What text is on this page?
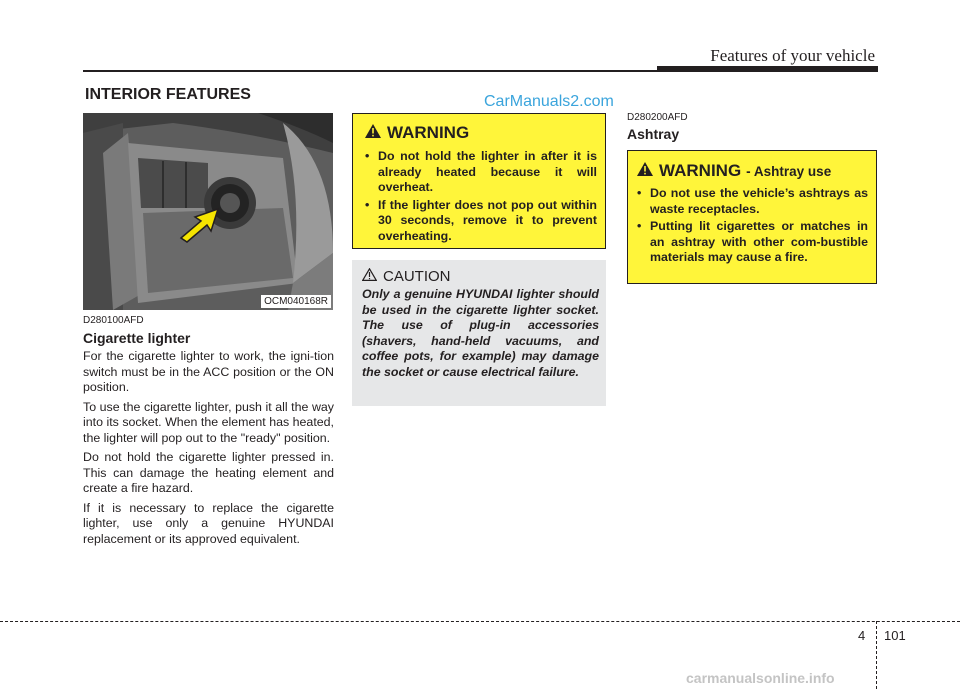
Features of your vehicle
INTERIOR FEATURES	CarManuals2.com
OCM040168R
D280100AFD
Cigarette lighter

For the cigarette lighter to work, the igni-tion switch must be in the ACC position or the ON position.

To use the cigarette lighter, push it all the way into its socket. When the element has heated, the lighter will pop out to the "ready" position.

Do not hold the cigarette lighter pressed in. This can damage the heating element and create a fire hazard.

If it is necessary to replace the cigarette lighter, use only a genuine HYUNDAI replacement or its approved equivalent.

WARNING
• Do not hold the lighter in after it is already heated because it will overheat.
• If the lighter does not pop out within 30 seconds, remove it to prevent overheating.
CAUTION

Only a genuine HYUNDAI lighter should be used in the cigarette lighter socket. The use of plug-in accessories (shavers, hand-held vacuums, and coffee pots, for example) may damage the socket or cause electrical failure.

D280200AFD
Ashtray
WARNING - Ashtray use
• Do not use the vehicle’s ashtrays as waste receptacles.
• Putting lit cigarettes or matches in an ashtray with other com-bustible materials may cause a fire.
4 101
carmanualsonline.info
